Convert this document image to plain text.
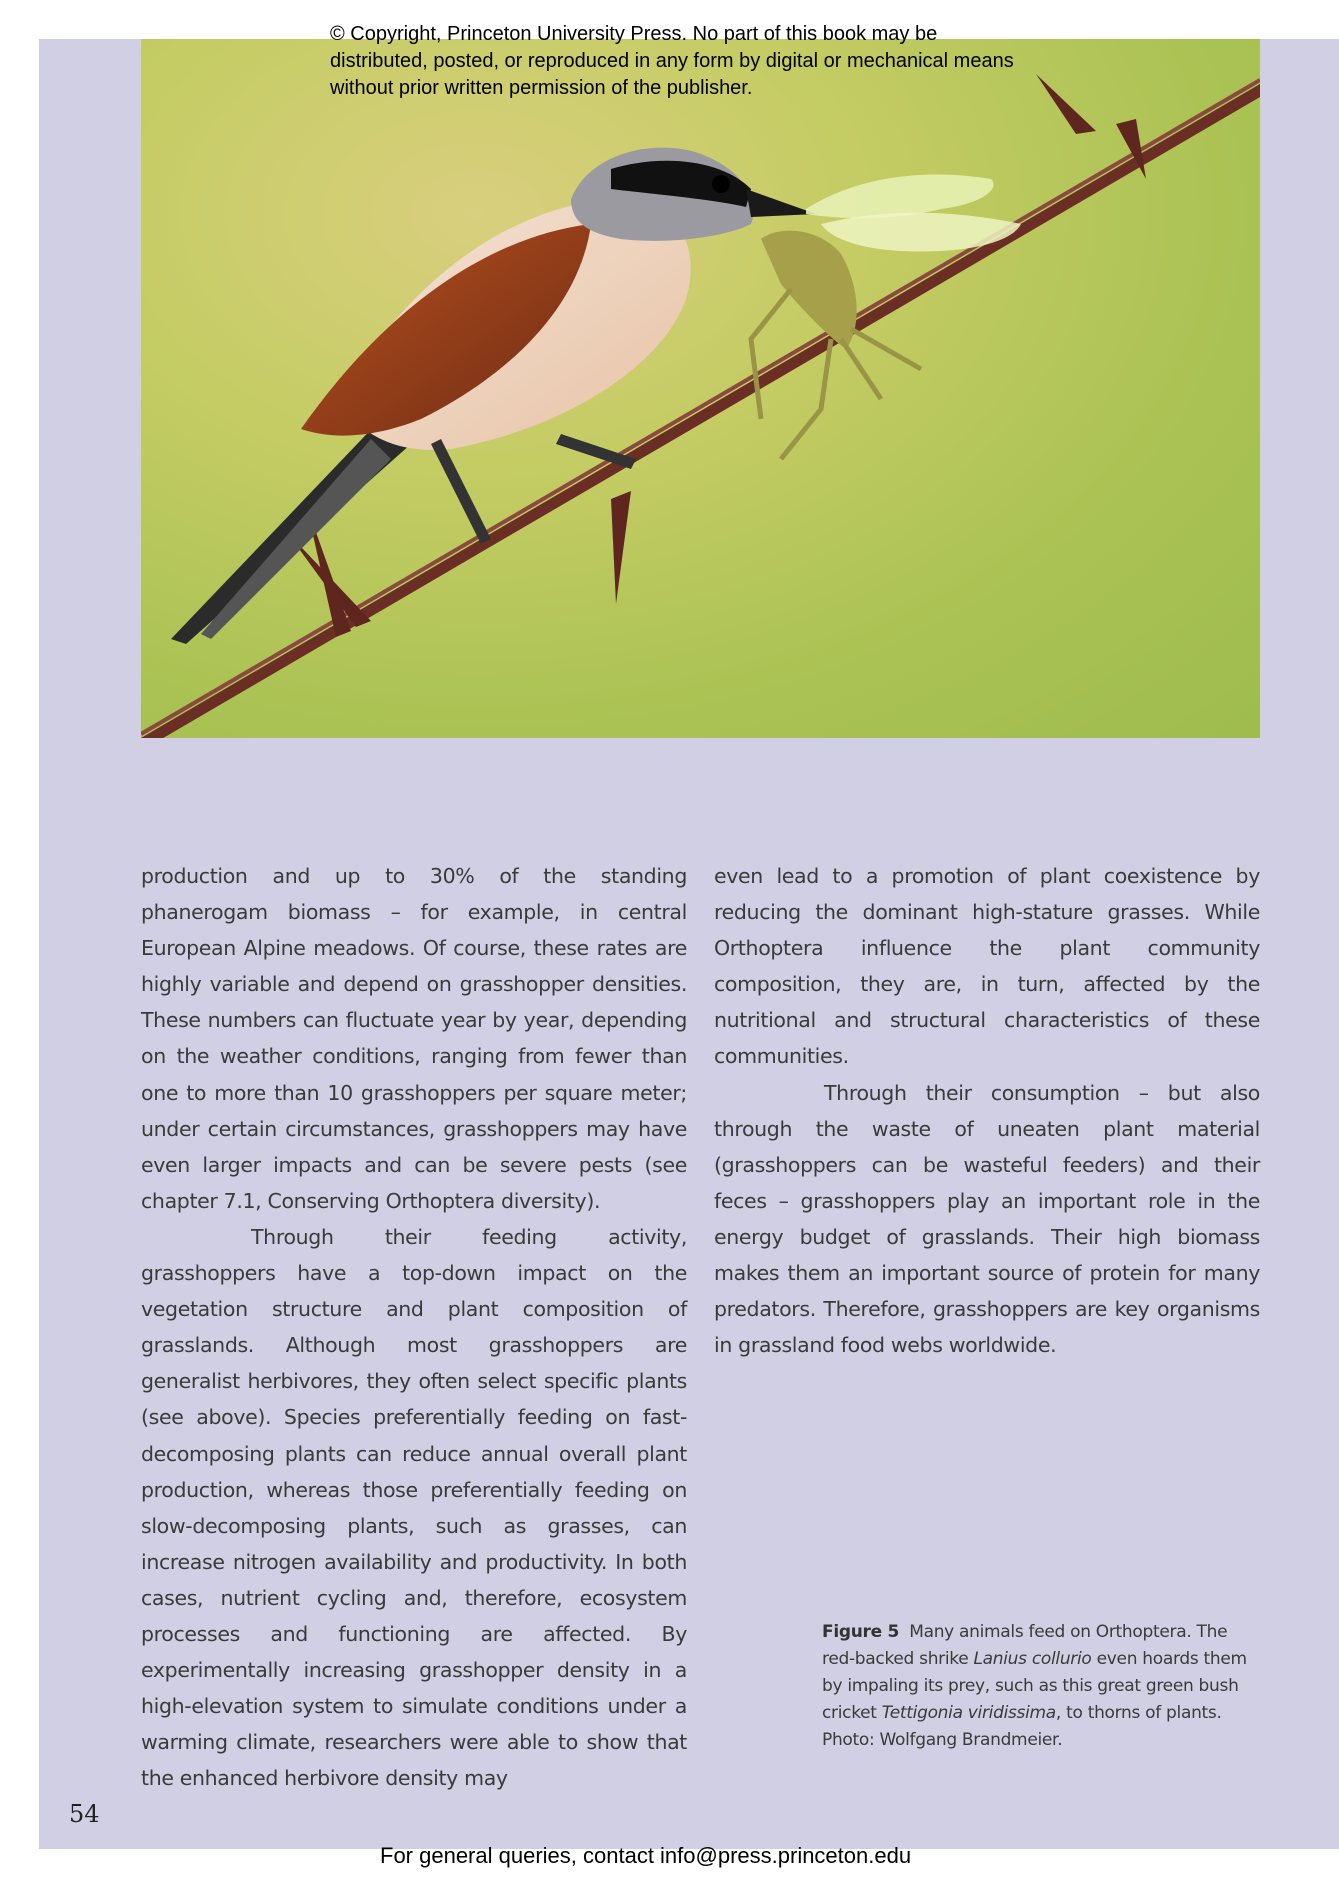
© Copyright, Princeton University Press. No part of this book may be distributed, posted, or reproduced in any form by digital or mechanical means without prior written permission of the publisher.

production and up to 30% of the standing phanerogam biomass – for example, in central European Alpine meadows. Of course, these rates are highly variable and depend on grasshopper densities. These numbers can fluctuate year by year, depending on the weather conditions, ranging from fewer than one to more than 10 grasshoppers per square meter; under certain circumstances, grasshoppers may have even larger impacts and can be severe pests (see chapter 7.1, Conserving Orthoptera diversity).

Through their feeding activity, grasshoppers have a top-down impact on the vegetation structure and plant composition of grasslands. Although most grasshoppers are generalist herbivores, they often select specific plants (see above). Species preferentially feeding on fast-decomposing plants can reduce annual overall plant production, whereas those preferentially feeding on slow-decomposing plants, such as grasses, can increase nitrogen availability and productivity. In both cases, nutrient cycling and, therefore, ecosystem processes and functioning are affected. By experimentally increasing grasshopper density in a high-elevation system to simulate conditions under a warming climate, researchers were able to show that the enhanced herbivore density may

even lead to a promotion of plant coexistence by reducing the dominant high-stature grasses. While Orthoptera influence the plant community composition, they are, in turn, affected by the nutritional and structural characteristics of these communities.

Through their consumption – but also through the waste of uneaten plant material (grasshoppers can be wasteful feeders) and their feces – grasshoppers play an important role in the energy budget of grasslands. Their high biomass makes them an important source of protein for many predators. Therefore, grasshoppers are key organisms in grassland food webs worldwide.

Figure 5 Many animals feed on Orthoptera. The red-backed shrike Lanius collurio even hoards them by impaling its prey, such as this great green bush cricket Tettigonia viridissima, to thorns of plants. Photo: Wolfgang Brandmeier.
54
For general queries, contact info@press.princeton.edu
